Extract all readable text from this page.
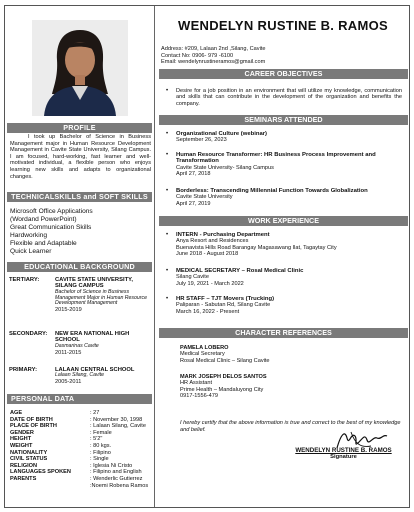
PROFILE
I took up Bachelor of Science in Business Management major in Human Resource Development Management in Cavite State University, Silang Campus. I am focused, hard-working, fast learner and well-motivated individual, a flexible person who enjoys learning new skills and adapts to organizational changes.
TECHNICALSKILLS and SOFT SKILLS
Microsoft Office Applications
(Wordand PowerPoint)
Great Communication Skills
Hardworking
Flexible and Adaptable
Quick Learner
EDUCATIONAL BACKGROUND
TERTIARY:	CAVITE STATE UNIVERSITY, SILANG CAMPUS
Bachelor of Science in Business Management Major in Human Resource Development Management
2015-2019
SECONDARY: NEW ERA NATIONAL HIGH SCHOOL
Dasmarinas Cavite
2011-2015
PRIMARY:	LALAAN CENTRAL SCHOOL
Lalaan Silang, Cavite
2005-2011
PERSONAL DATA
AGE	: 27
DATE OF BIRTH	: November 30, 1998
PLACE OF BIRTH	: Lalaan Silang, Cavite
GENDER	: Female
HEIGHT	: 5'2"
WEIGHT	: 80 kgs.
NATIONALITY	: Filipino
CIVIL STATUS	: Single
RELIGION	: Iglesia Ni Cristo
LANGUAGES SPOKEN	: Filipino and English
PARENTS	: Wenderlic Gutierrez
:Noemi Robena Ramos
WENDELYN RUSTINE B. RAMOS
Address: #209, Lalaan 2nd ,Silang, Cavite
Contact No: 0906- 979 -6100
Email: wendelynrustineramos@gmail.com
CAREER OBJECTIVES
• Desire for a job position in an environment that will utilize my knowledge, communication and skills that can contribute in the development of the organization and benefits the company.
SEMINARS ATTENDED
• Organizational Culture (webinar)
September 26, 2023
• Human Resource Transformer: HR Business Process Improvement and Transformation
Cavite State University- Silang Campus
April 27, 2018
• Borderless: Transcending Millennial Function Towards Globalization
Cavite State University
April 27, 2019
WORK EXPERIENCE
• INTERN - Purchasing Department
Anya Resort and Residences
Buenavista Hills Road Barangay Magasawang Ilat, Tagaytay City
June 2018 - August 2018
• MEDICAL SECRETARY – Rosal Medical Clinic
Silang Cavite
July 19, 2021 - March 2022
• HR STAFF – TJT Movers (Trucking)
Paliparan - Sabutan Rd, Silang Cavite
March 16, 2022 - Present
CHARACTER REFERENCES
PAMELA LOBERO
Medical Secretary
Rosal Medical Clinic – Silang Cavite
MARK JOSEPH DELOS SANTOS
HR Assistant
Prime Health – Mandaluyong City
0917-1556-479
I hereby certify that the above information is true and correct to the best of my knowledge and belief.
WENDELYN RUSTINE B. RAMOS
Signature
